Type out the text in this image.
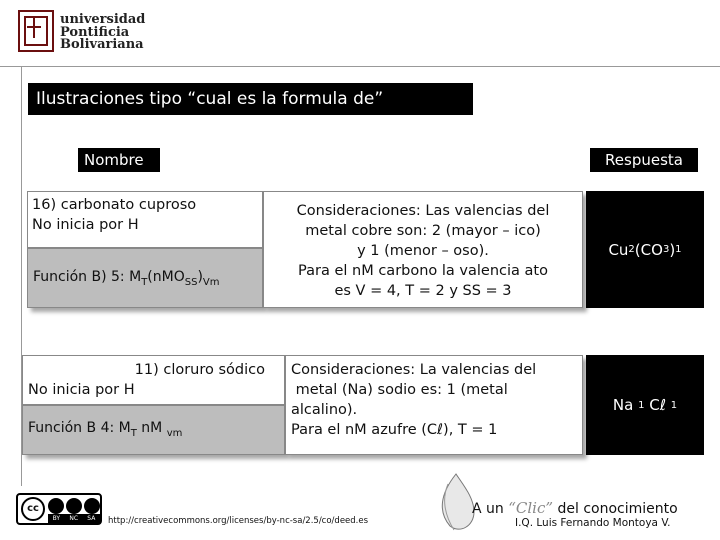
universidad
Pontificia
Bolivariana
Ilustraciones tipo “cual es la formula de”
Nombre	Respuesta
16) carbonato cuproso
No inicia por H
Función B) 5: $M_T(nMO_{SS})_{Vm}$
Consideraciones: Las valencias del
metal cobre son: 2 (mayor – ico)
y 1 (menor – oso).
Para el nM carbono la valencia ato
es V = 4, T = 2 y SS = 3
Cu 2 (CO 3 ) 1
11) cloruro sódico
No inicia por H
Función B 4: $M_T$ nM $_{vm}$
Consideraciones: La valencias del
metal (Na) sodio es: 1 (metal
alcalino).
Para el nM azufre (Cℓ), T = 1
Na 1 Cℓ 1
cc
BY NC SA http://creativecommons.org/licenses/by-nc-sa/2.5/co/deed.es
A un “Clic” del conocimiento
I.Q. Luis Fernando Montoya V.
